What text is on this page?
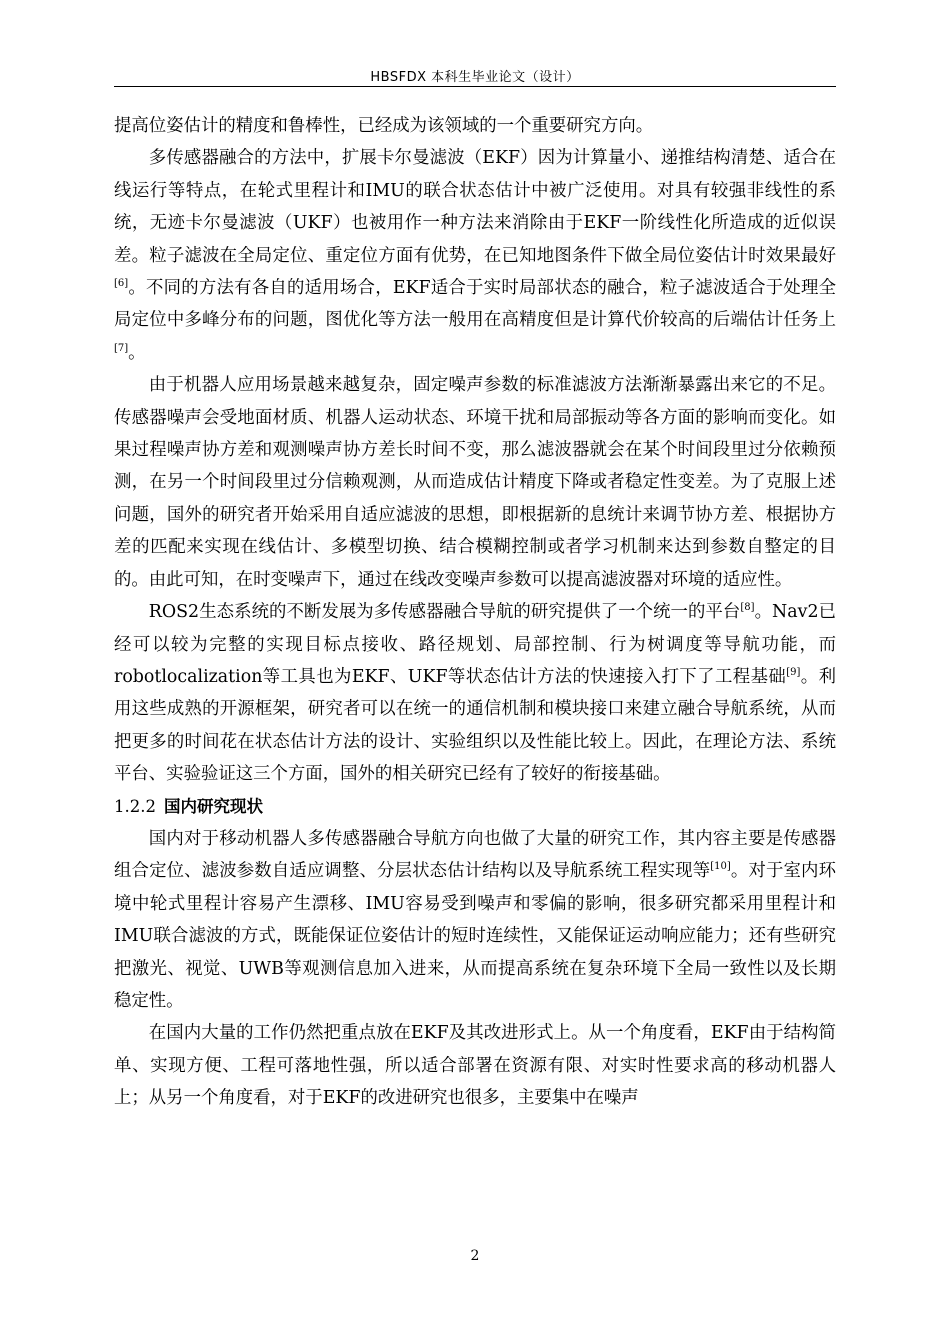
HBSFDX 本科生毕业论文（设计）

提高位姿估计的精度和鲁棒性，已经成为该领域的一个重要研究方向。

多传感器融合的方法中，扩展卡尔曼滤波（EKF）因为计算量小、递推结构清楚、适合在线运行等特点，在轮式里程计和IMU的联合状态估计中被广泛使用。对具有较强非线性的系统，无迹卡尔曼滤波（UKF）也被用作一种方法来消除由于EKF一阶线性化所造成的近似误差。粒子滤波在全局定位、重定位方面有优势，在已知地图条件下做全局位姿估计时效果最好[6]。不同的方法有各自的适用场合，EKF适合于实时局部状态的融合，粒子滤波适合于处理全局定位中多峰分布的问题，图优化等方法一般用在高精度但是计算代价较高的后端估计任务上[7]。

由于机器人应用场景越来越复杂，固定噪声参数的标准滤波方法渐渐暴露出来它的不足。传感器噪声会受地面材质、机器人运动状态、环境干扰和局部振动等各方面的影响而变化。如果过程噪声协方差和观测噪声协方差长时间不变，那么滤波器就会在某个时间段里过分依赖预测，在另一个时间段里过分信赖观测，从而造成估计精度下降或者稳定性变差。为了克服上述问题，国外的研究者开始采用自适应滤波的思想，即根据新的息统计来调节协方差、根据协方差的匹配来实现在线估计、多模型切换、结合模糊控制或者学习机制来达到参数自整定的目的。由此可知，在时变噪声下，通过在线改变噪声参数可以提高滤波器对环境的适应性。

ROS2生态系统的不断发展为多传感器融合导航的研究提供了一个统一的平台[8]。Nav2已经可以较为完整的实现目标点接收、路径规划、局部控制、行为树调度等导航功能，而robotlocalization等工具也为EKF、UKF等状态估计方法的快速接入打下了工程基础[9]。利用这些成熟的开源框架，研究者可以在统一的通信机制和模块接口来建立融合导航系统，从而把更多的时间花在状态估计方法的设计、实验组织以及性能比较上。因此，在理论方法、系统平台、实验验证这三个方面，国外的相关研究已经有了较好的衔接基础。

1.2.2 国内研究现状

国内对于移动机器人多传感器融合导航方向也做了大量的研究工作，其内容主要是传感器组合定位、滤波参数自适应调整、分层状态估计结构以及导航系统工程实现等[10]。对于室内环境中轮式里程计容易产生漂移、IMU容易受到噪声和零偏的影响，很多研究都采用里程计和IMU联合滤波的方式，既能保证位姿估计的短时连续性，又能保证运动响应能力；还有些研究把激光、视觉、UWB等观测信息加入进来，从而提高系统在复杂环境下全局一致性以及长期稳定性。

在国内大量的工作仍然把重点放在EKF及其改进形式上。从一个角度看，EKF由于结构简单、实现方便、工程可落地性强，所以适合部署在资源有限、对实时性要求高的移动机器人上；从另一个角度看，对于EKF的改进研究也很多，主要集中在噪声

2
